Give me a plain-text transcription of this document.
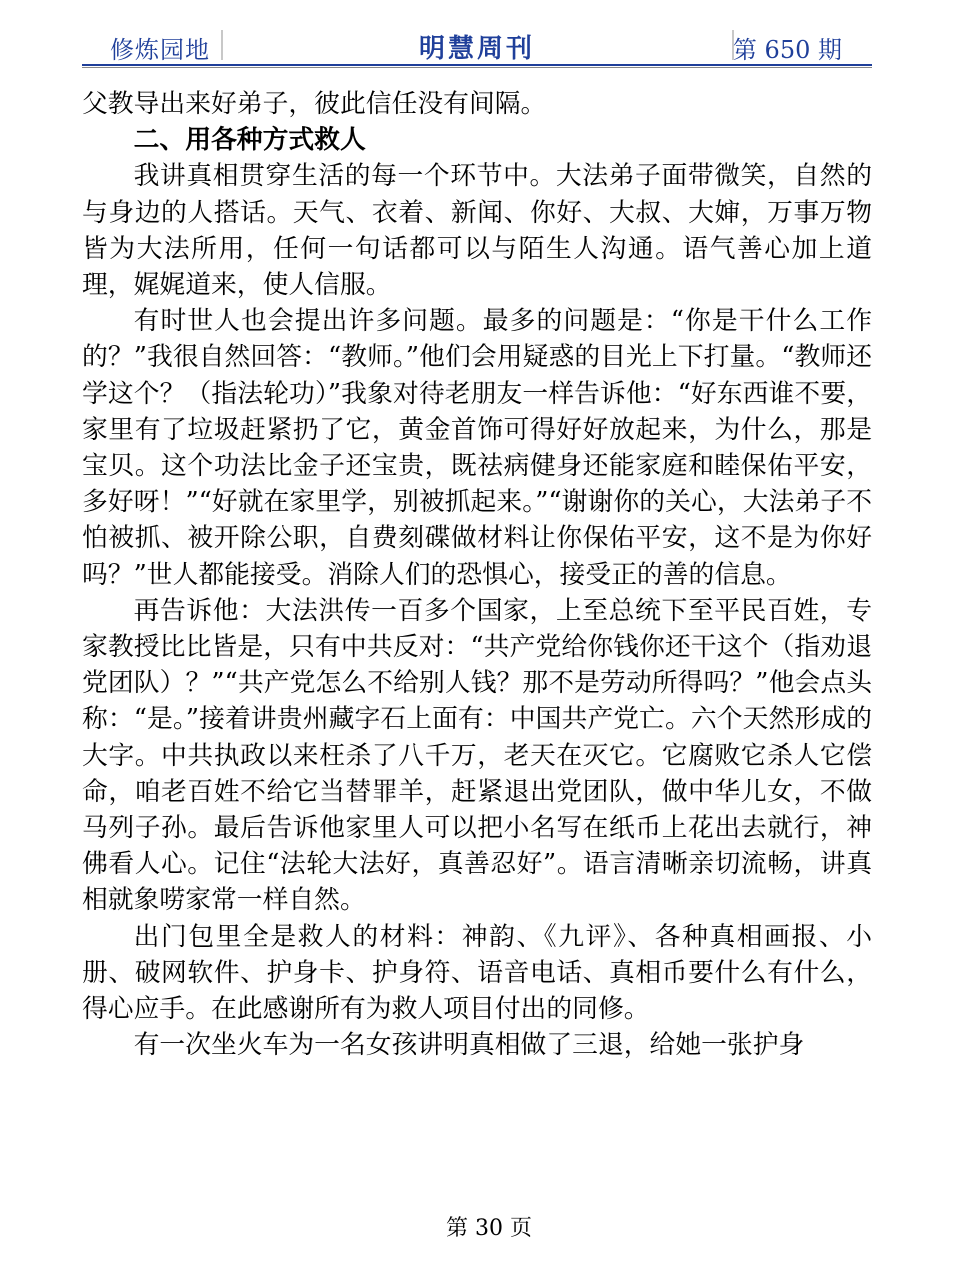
修炼园地	明慧周刊	第 650 期

父教导出来好弟子，彼此信任没有间隔。

二、用各种方式救人

我讲真相贯穿生活的每一个环节中。大法弟子面带微笑，自然的与身边的人搭话。天气、衣着、新闻、你好、大叔、大婶，万事万物皆为大法所用，任何一句话都可以与陌生人沟通。语气善心加上道理，娓娓道来，使人信服。

有时世人也会提出许多问题。最多的问题是：“你是干什么工作的？”我很自然回答：“教师。”他们会用疑惑的目光上下打量。“教师还学这个？（指法轮功）”我象对待老朋友一样告诉他：“好东西谁不要，家里有了垃圾赶紧扔了它，黄金首饰可得好好放起来，为什么，那是宝贝。这个功法比金子还宝贵，既祛病健身还能家庭和睦保佑平安，多好呀！”“好就在家里学，别被抓起来。”“谢谢你的关心，大法弟子不怕被抓、被开除公职，自费刻碟做材料让你保佑平安，这不是为你好吗？”世人都能接受。消除人们的恐惧心，接受正的善的信息。

再告诉他：大法洪传一百多个国家，上至总统下至平民百姓，专家教授比比皆是，只有中共反对：“共产党给你钱你还干这个（指劝退党团队）？”“共产党怎么不给别人钱？那不是劳动所得吗？”他会点头称：“是。”接着讲贵州藏字石上面有：中国共产党亡。六个天然形成的大字。中共执政以来枉杀了八千万，老天在灭它。它腐败它杀人它偿命，咱老百姓不给它当替罪羊，赶紧退出党团队，做中华儿女，不做马列子孙。最后告诉他家里人可以把小名写在纸币上花出去就行，神佛看人心。记住“法轮大法好，真善忍好”。语言清晰亲切流畅，讲真相就象唠家常一样自然。

出门包里全是救人的材料：神韵、《九评》、各种真相画报、小册、破网软件、护身卡、护身符、语音电话、真相币要什么有什么，得心应手。在此感谢所有为救人项目付出的同修。

有一次坐火车为一名女孩讲明真相做了三退，给她一张护身

第 30 页
